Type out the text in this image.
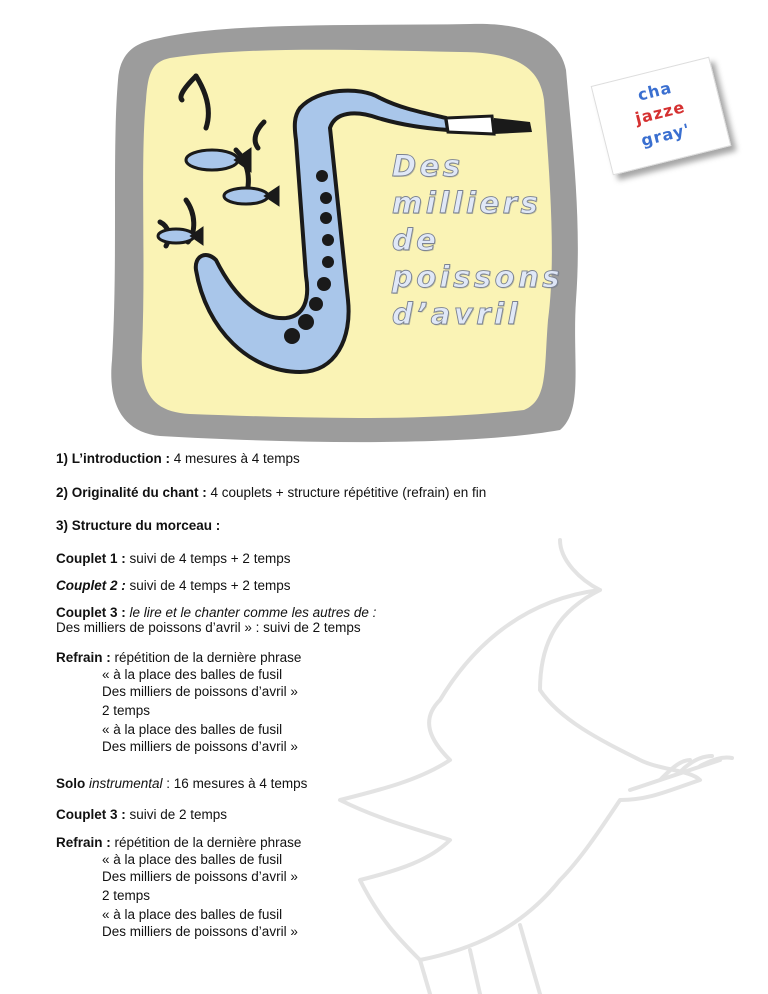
Des
milliers
de
poissons
d’avril
cha
jazze
gray'
1) L’introduction : 4 mesures à 4 temps
2) Originalité du chant : 4 couplets + structure répétitive (refrain) en fin
3) Structure du morceau :
Couplet 1 : suivi de 4 temps + 2 temps
Couplet 2 : suivi de 4 temps + 2 temps
Couplet 3 : le lire et le chanter comme les autres de :
Des milliers de poissons d’avril » : suivi de 2 temps
Refrain : répétition de la dernière phrase
« à la place des balles de fusil
Des milliers de poissons d’avril »
2 temps
« à la place des balles de fusil
Des milliers de poissons d’avril »
Solo instrumental : 16 mesures à 4 temps
Couplet 3 : suivi de 2 temps
Refrain : répétition de la dernière phrase
« à la place des balles de fusil
Des milliers de poissons d’avril »
2 temps
« à la place des balles de fusil
Des milliers de poissons d’avril »
